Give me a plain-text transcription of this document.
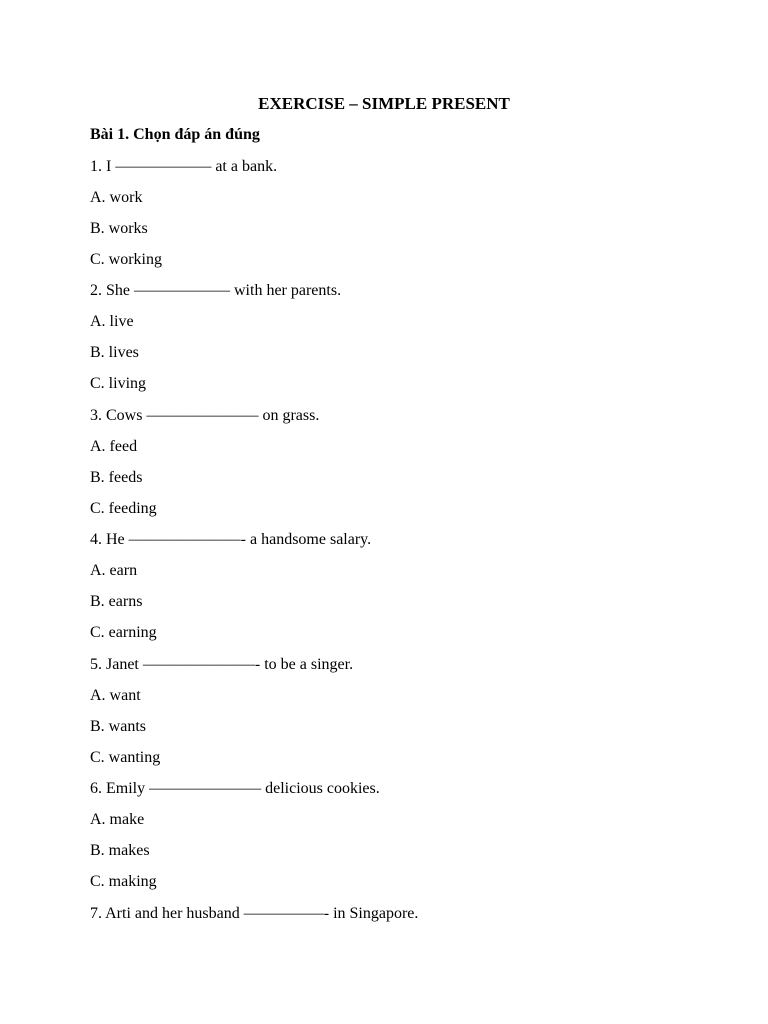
EXERCISE – SIMPLE PRESENT
Bài 1. Chọn đáp án đúng
1. I —————— at a bank.
A. work
B. works
C. working
2. She —————— with her parents.
A. live
B. lives
C. living
3. Cows ——————— on grass.
A. feed
B. feeds
C. feeding
4. He ———————- a handsome salary.
A. earn
B. earns
C. earning
5. Janet ———————- to be a singer.
A. want
B. wants
C. wanting
6. Emily ——————— delicious cookies.
A. make
B. makes
C. making
7. Arti and her husband —————- in Singapore.
